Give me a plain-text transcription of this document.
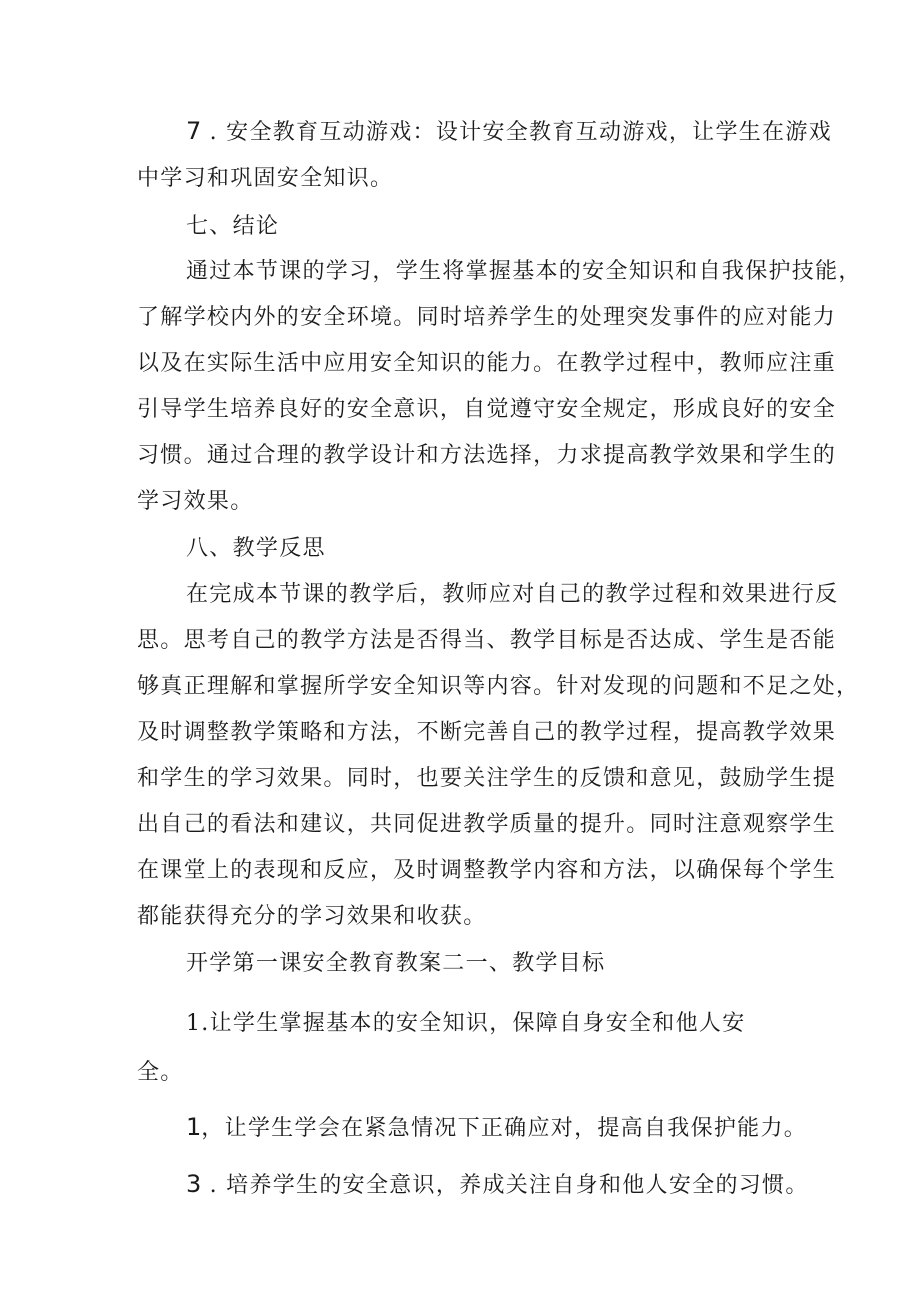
7 . 安全教育互动游戏：设计安全教育互动游戏，让学生在游戏
中学习和巩固安全知识。
七、结论
通过本节课的学习，学生将掌握基本的安全知识和自我保护技能，
了解学校内外的安全环境。同时培养学生的处理突发事件的应对能力
以及在实际生活中应用安全知识的能力。在教学过程中，教师应注重
引导学生培养良好的安全意识，自觉遵守安全规定，形成良好的安全
习惯。通过合理的教学设计和方法选择，力求提高教学效果和学生的
学习效果。
八、教学反思
在完成本节课的教学后，教师应对自己的教学过程和效果进行反
思。思考自己的教学方法是否得当、教学目标是否达成、学生是否能
够真正理解和掌握所学安全知识等内容。针对发现的问题和不足之处，
及时调整教学策略和方法，不断完善自己的教学过程，提高教学效果
和学生的学习效果。同时，也要关注学生的反馈和意见，鼓励学生提
出自己的看法和建议，共同促进教学质量的提升。同时注意观察学生
在课堂上的表现和反应，及时调整教学内容和方法，以确保每个学生
都能获得充分的学习效果和收获。
开学第一课安全教育教案二一、教学目标
1.让学生掌握基本的安全知识，保障自身安全和他人安
全。
1，让学生学会在紧急情况下正确应对，提高自我保护能力。
3 . 培养学生的安全意识，养成关注自身和他人安全的习惯。
